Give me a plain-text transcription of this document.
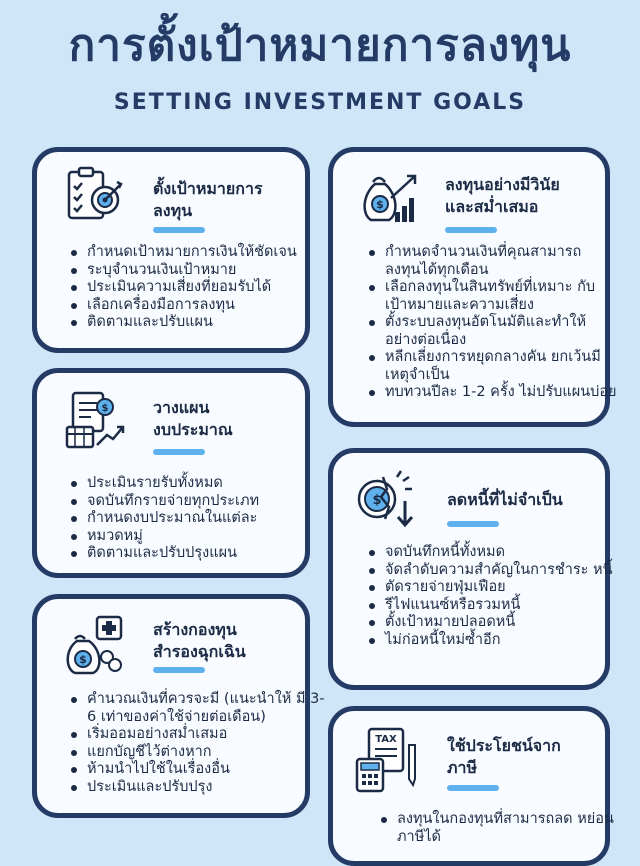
การตั้งเป้าหมายการลงทุน
SETTING INVESTMENT GOALS
ตั้งเป้าหมายการ
ลงทุน
กำหนดเป้าหมายการเงินให้ชัดเจน
ระบุจำนวนเงินเป้าหมาย
ประเมินความเสี่ยงที่ยอมรับได้
เลือกเครื่องมือการลงทุน
ติดตามและปรับแผน
$
ลงทุนอย่างมีวินัย
และสม่ำเสมอ
กำหนดจำนวนเงินที่คุณสามารถ ลงทุนได้ทุกเดือน
เลือกลงทุนในสินทรัพย์ที่เหมาะ กับเป้าหมายและความเสี่ยง
ตั้งระบบลงทุนอัตโนมัติและทำให้ อย่างต่อเนื่อง
หลีกเลี่ยงการหยุดกลางคัน ยกเว้นมีเหตุจำเป็น
ทบทวนปีละ 1-2 ครั้ง ไม่ปรับแผนบ่อย
$	วางแผน
งบประมาณ
ประเมินรายรับทั้งหมด
จดบันทึกรายจ่ายทุกประเภท
กำหนดงบประมาณในแต่ละ
หมวดหมู่
ติดตามและปรับปรุงแผน
$	ลดหนี้ที่ไม่จำเป็น
จดบันทึกหนี้ทั้งหมด
จัดลำดับความสำคัญในการชำระ หนี้
ตัดรายจ่ายฟุ่มเฟือย
รีไฟแนนซ์หรือรวมหนี้
ตั้งเป้าหมายปลอดหนี้
ไม่ก่อหนี้ใหม่ซ้ำอีก
$
สร้างกองทุน
สำรองฉุกเฉิน
คำนวณเงินที่ควรจะมี (แนะนำให้ มี 3-6 เท่าของค่าใช้จ่ายต่อเดือน)
เริ่มออมอย่างสม่ำเสมอ
แยกบัญชีไว้ต่างหาก
ห้ามนำไปใช้ในเรื่องอื่น
ประเมินและปรับปรุง
TAX	ใช้ประโยชน์จาก
ภาษี
ลงทุนในกองทุนที่สามารถลด หย่อนภาษีได้
